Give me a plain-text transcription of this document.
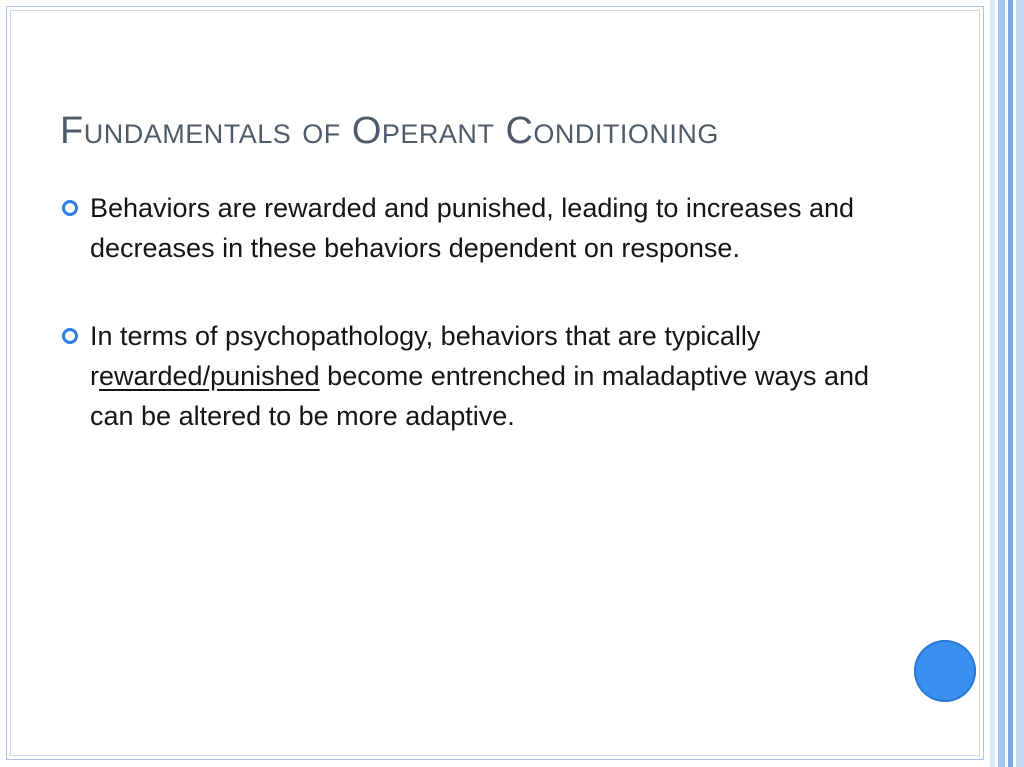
Fundamentals of Operant Conditioning
Behaviors are rewarded and punished, leading to increases and decreases in these behaviors dependent on response.
In terms of psychopathology, behaviors that are typically rewarded/punished become entrenched in maladaptive ways and can be altered to be more adaptive.
